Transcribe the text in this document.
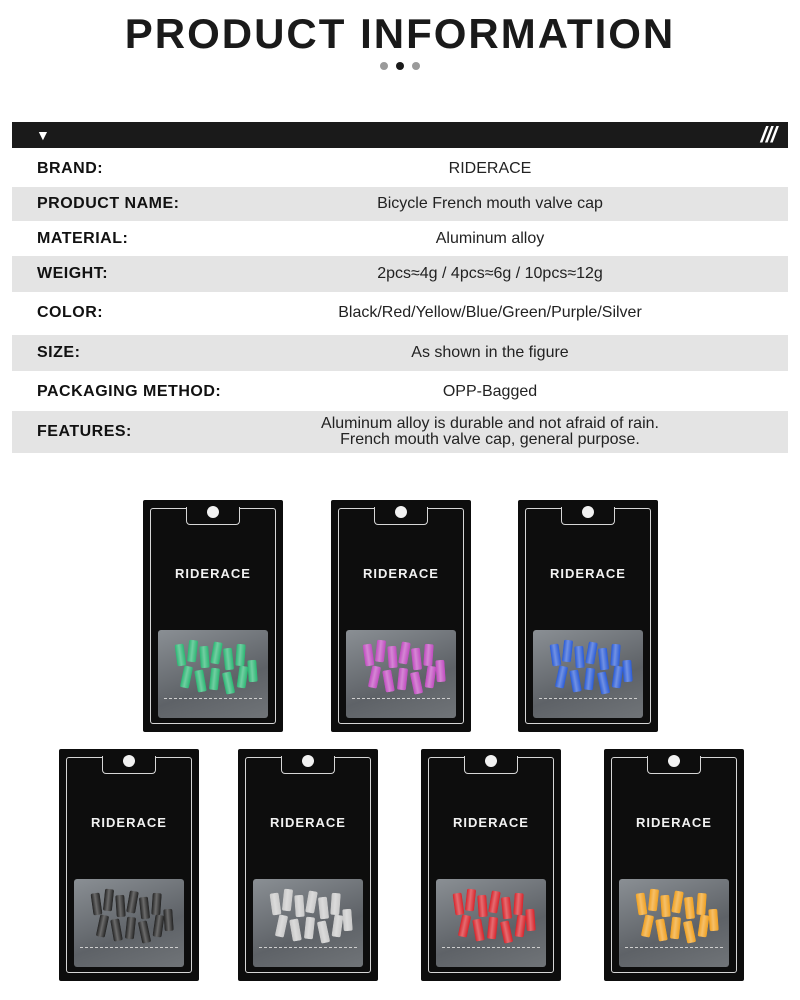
PRODUCT INFORMATION
▼	///
BRAND:	RIDERACE
PRODUCT NAME:	Bicycle French mouth valve cap
MATERIAL:	Aluminum alloy
WEIGHT:	2pcs≈4g / 4pcs≈6g / 10pcs≈12g
COLOR:	Black/Red/Yellow/Blue/Green/Purple/Silver
SIZE:	As shown in the figure
PACKAGING METHOD:	OPP-Bagged
FEATURES:	Aluminum alloy is durable and not afraid of rain.
French mouth valve cap, general purpose.
RIDERACE	RIDERACE	RIDERACE
RIDERACE	RIDERACE	RIDERACE	RIDERACE
